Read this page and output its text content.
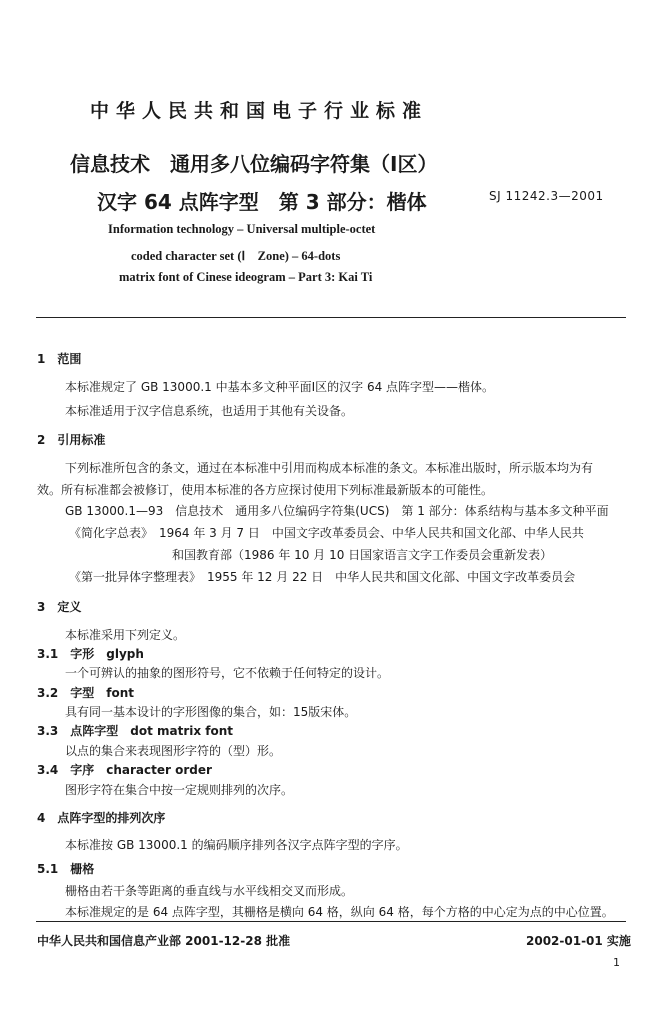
中华人民共和国电子行业标准
信息技术　通用多八位编码字符集（Ⅰ区）
汉字 64 点阵字型　第 3 部分：楷体	SJ 11242.3—2001
Information technology – Universal multiple-octet
coded character set (Ⅰ　Zone) – 64-dots
matrix font of Cinese ideogram – Part 3: Kai Ti
1　范围
本标准规定了 GB 13000.1 中基本多文种平面Ⅰ区的汉字 64 点阵字型——楷体。
本标准适用于汉字信息系统，也适用于其他有关设备。
2　引用标准
下列标准所包含的条文，通过在本标准中引用而构成本标准的条文。本标准出版时，所示版本均为有
效。所有标准都会被修订，使用本标准的各方应探讨使用下列标准最新版本的可能性。
GB 13000.1—93　信息技术　通用多八位编码字符集(UCS)　第 1 部分：体系结构与基本多文种平面
《简化字总表》　1964 年 3 月 7 日　中国文字改革委员会、中华人民共和国文化部、中华人民共
和国教育部（1986 年 10 月 10 日国家语言文字工作委员会重新发表）
《第一批异体字整理表》　1955 年 12 月 22 日　中华人民共和国文化部、中国文字改革委员会
3　定义
本标准采用下列定义。
3.1　字形　glyph
一个可辨认的抽象的图形符号，它不依赖于任何特定的设计。
3.2　字型　font
具有同一基本设计的字形图像的集合，如：15版宋体。
3.3　点阵字型　dot matrix font
以点的集合来表现图形字符的（型）形。
3.4　字序　character order
图形字符在集合中按一定规则排列的次序。
4　点阵字型的排列次序
本标准按 GB 13000.1 的编码顺序排列各汉字点阵字型的字序。
5.1　栅格
栅格由若干条等距离的垂直线与水平线相交叉而形成。
本标准规定的是 64 点阵字型，其栅格是横向 64 格，纵向 64 格，每个方格的中心定为点的中心位置。
中华人民共和国信息产业部 2001-12-28 批准	2002-01-01 实施
1
